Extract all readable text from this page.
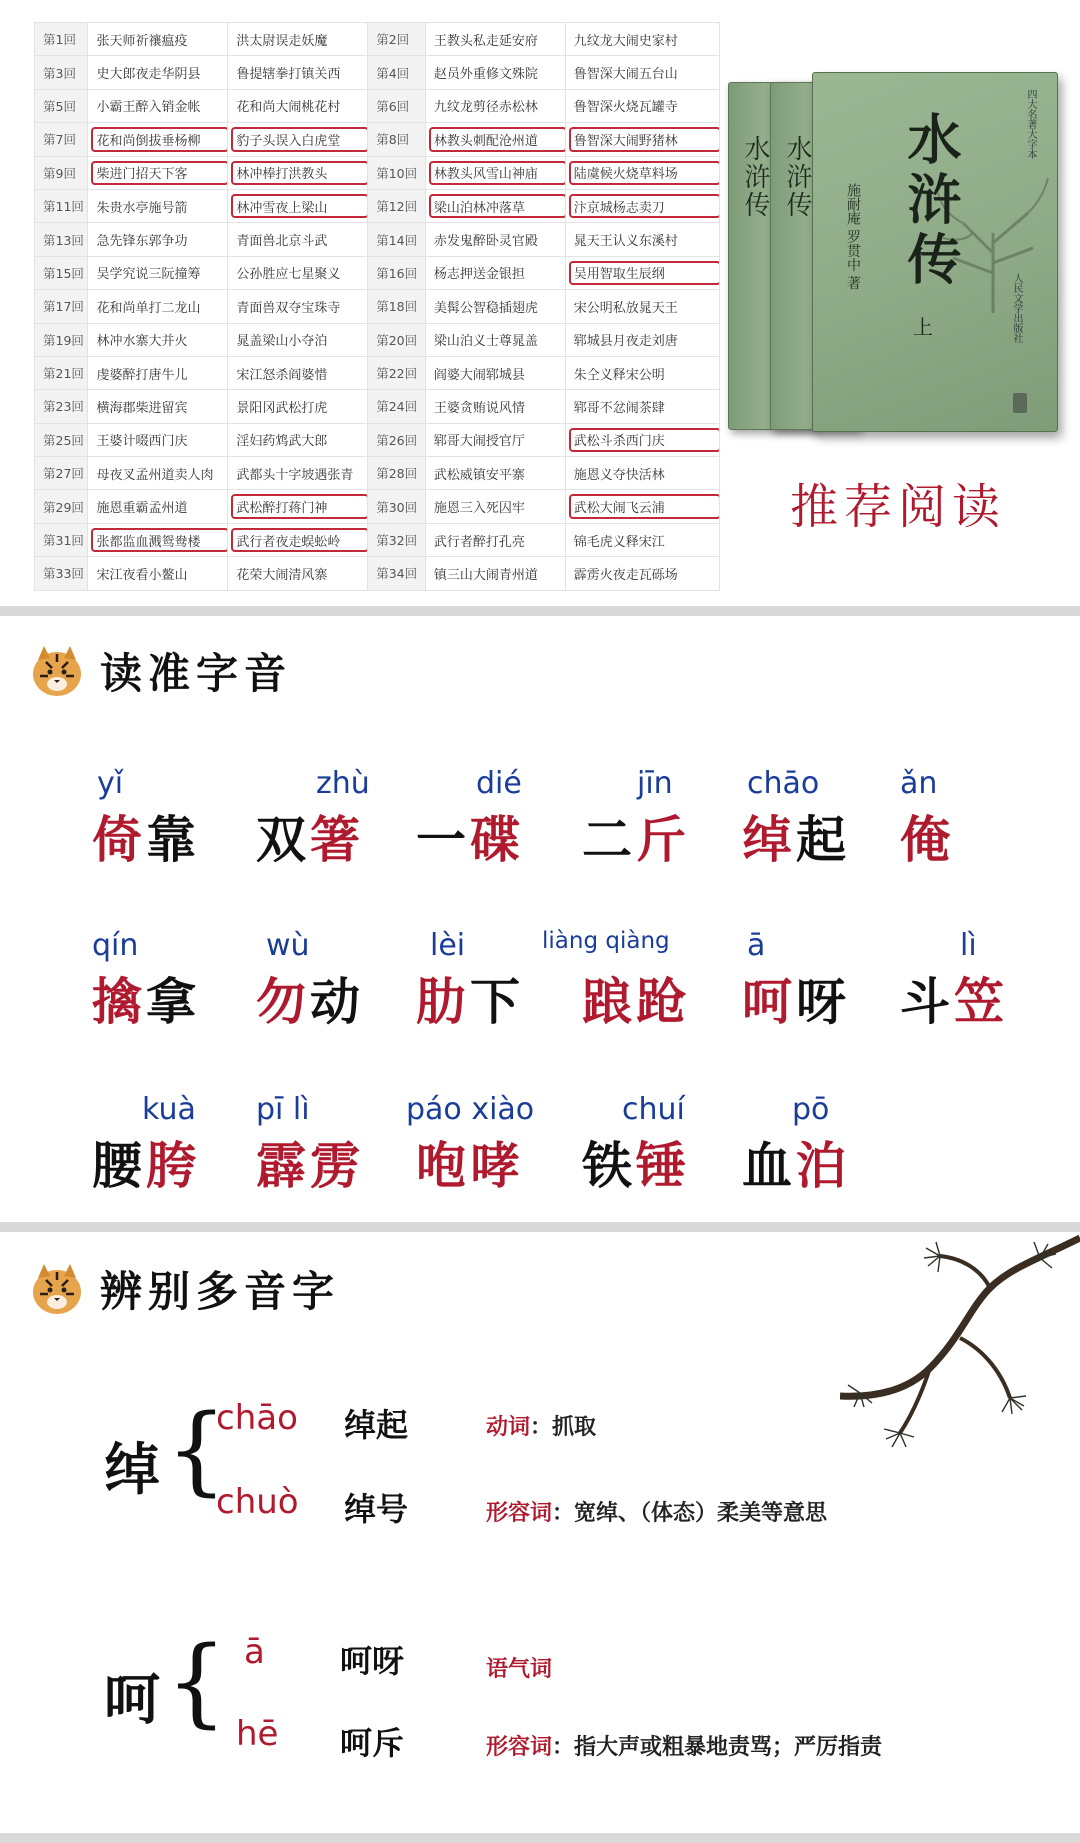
第1回	张天师祈禳瘟疫	洪太尉误走妖魔	第2回	王教头私走延安府	九纹龙大闹史家村
第3回	史大郎夜走华阴县	鲁提辖拳打镇关西	第4回	赵员外重修文殊院	鲁智深大闹五台山
第5回	小霸王醉入销金帐	花和尚大闹桃花村	第6回	九纹龙剪径赤松林	鲁智深火烧瓦罐寺
第7回	花和尚倒拔垂杨柳	豹子头误入白虎堂	第8回	林教头刺配沧州道	鲁智深大闹野猪林
第9回	柴进门招天下客	林冲棒打洪教头	第10回	林教头风雪山神庙	陆虞候火烧草料场
第11回	朱贵水亭施号箭	林冲雪夜上梁山	第12回	梁山泊林冲落草	汴京城杨志卖刀
第13回	急先锋东郭争功	青面兽北京斗武	第14回	赤发鬼醉卧灵官殿	晁天王认义东溪村
第15回	吴学究说三阮撞筹	公孙胜应七星聚义	第16回	杨志押送金银担	吴用智取生辰纲
第17回	花和尚单打二龙山	青面兽双夺宝珠寺	第18回	美髯公智稳插翅虎	宋公明私放晁天王
第19回	林冲水寨大并火	晁盖梁山小夺泊	第20回	梁山泊义士尊晁盖	郓城县月夜走刘唐
第21回	虔婆醉打唐牛儿	宋江怒杀阎婆惜	第22回	阎婆大闹郓城县	朱仝义释宋公明
第23回	横海郡柴进留宾	景阳冈武松打虎	第24回	王婆贪贿说风情	郓哥不忿闹茶肆
第25回	王婆计啜西门庆	淫妇药鸩武大郎	第26回	郓哥大闹授官厅	武松斗杀西门庆
第27回	母夜叉孟州道卖人肉	武都头十字坡遇张青	第28回	武松威镇安平寨	施恩义夺快活林
第29回	施恩重霸孟州道	武松醉打蒋门神	第30回	施恩三入死囚牢	武松大闹飞云浦
第31回	张都监血溅鸳鸯楼	武行者夜走蜈蚣岭	第32回	武行者醉打孔亮	锦毛虎义释宋江
第33回	宋江夜看小鳌山	花荣大闹清风寨	第34回	镇三山大闹青州道	霹雳火夜走瓦砾场
水浒传 水浒传
四大名著大字本
水浒传
上
施耐庵 罗贯中 著
人民文学出版社
推荐阅读
读准字音
yǐ
倚靠
zhù
双箸
dié
一碟
jīn
二斤
chāo
绰起
ǎn
俺
qín
擒拿
wù
勿动
lèi
肋下
liàng qiàng
踉跄
ā
呵呀
lì
斗笠
kuà
腰胯
pī lì
霹雳
páo xiào
咆哮
chuí
铁锤
pō
血泊
辨别多音字
绰 {
chāo 绰起	动词：抓取
chuò 绰号	形容词：宽绰、（体态）柔美等意思
呵 { ā 呵呀	语气词
hē 呵斥	形容词：指大声或粗暴地责骂；严厉指责
